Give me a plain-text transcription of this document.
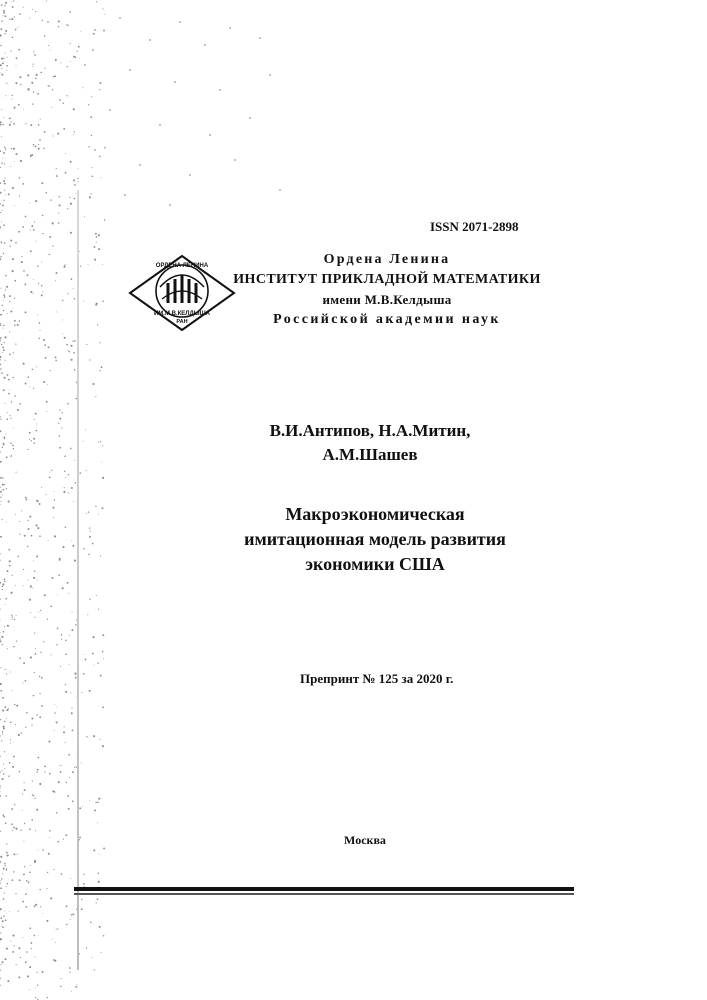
ISSN 2071-2898
ОРДЕНА ЛЕНИНА
ИМ.М.В.КЕЛДЫША
РАН
Ордена Ленина
ИНСТИТУТ ПРИКЛАДНОЙ МАТЕМАТИКИ
имени М.В.Келдыша
Российской академии наук
В.И.Антипов, Н.А.Митин,
А.М.Шашев
Макроэкономическая
имитационная модель развития
экономики США
Препринт № 125 за 2020 г.
Москва
